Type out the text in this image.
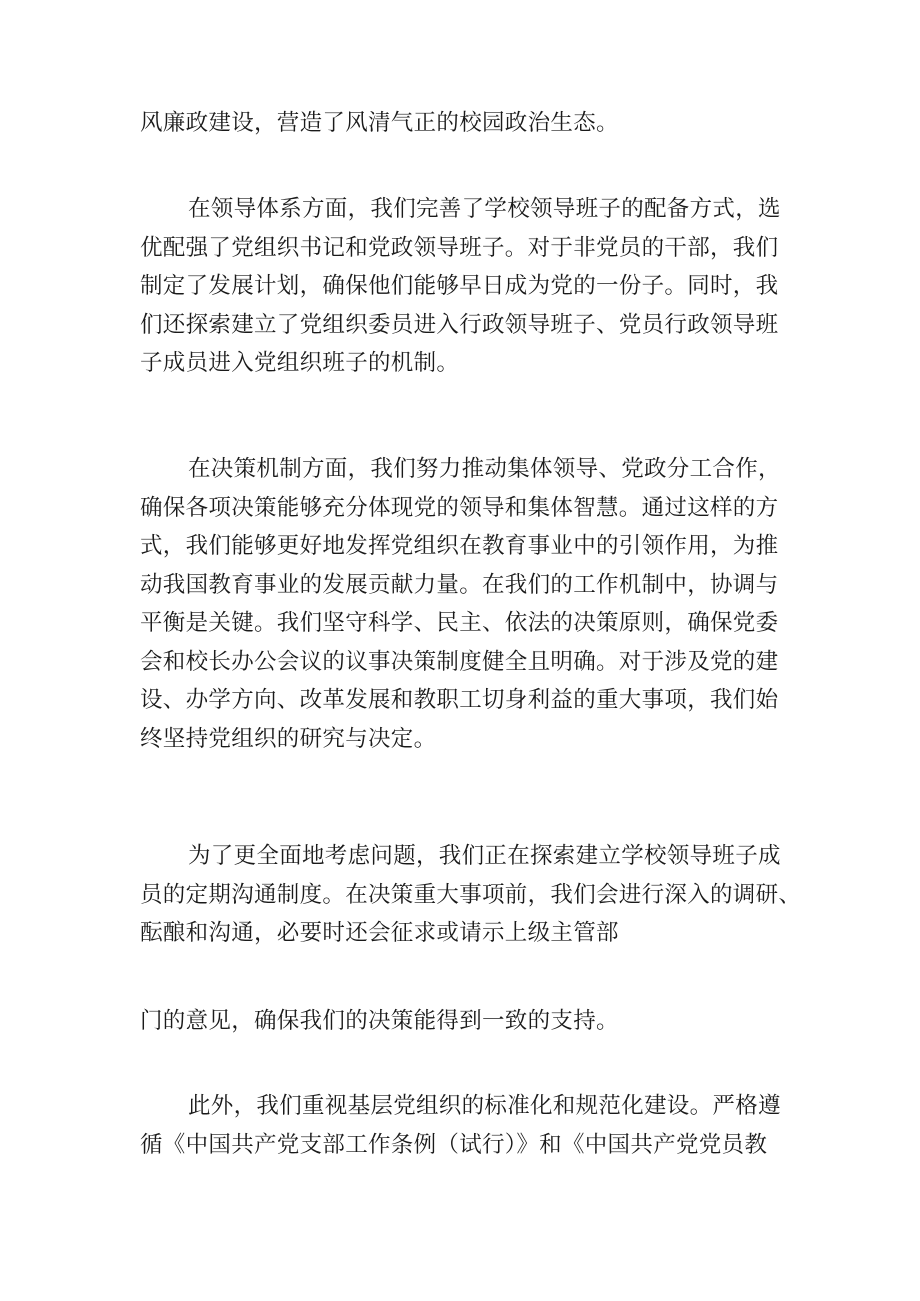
风廉政建设，营造了风清气正的校园政治生态。
在领导体系方面，我们完善了学校领导班子的配备方式，选
优配强了党组织书记和党政领导班子。对于非党员的干部，我们
制定了发展计划，确保他们能够早日成为党的一份子。同时，我
们还探索建立了党组织委员进入行政领导班子、党员行政领导班
子成员进入党组织班子的机制。
在决策机制方面，我们努力推动集体领导、党政分工合作，
确保各项决策能够充分体现党的领导和集体智慧。通过这样的方
式，我们能够更好地发挥党组织在教育事业中的引领作用，为推
动我国教育事业的发展贡献力量。在我们的工作机制中，协调与
平衡是关键。我们坚守科学、民主、依法的决策原则，确保党委
会和校长办公会议的议事决策制度健全且明确。对于涉及党的建
设、办学方向、改革发展和教职工切身利益的重大事项，我们始
终坚持党组织的研究与决定。
为了更全面地考虑问题，我们正在探索建立学校领导班子成
员的定期沟通制度。在决策重大事项前，我们会进行深入的调研、
酝酿和沟通，必要时还会征求或请示上级主管部
门的意见，确保我们的决策能得到一致的支持。
此外，我们重视基层党组织的标准化和规范化建设。严格遵
循《中国共产党支部工作条例（试行）》和《中国共产党党员教
